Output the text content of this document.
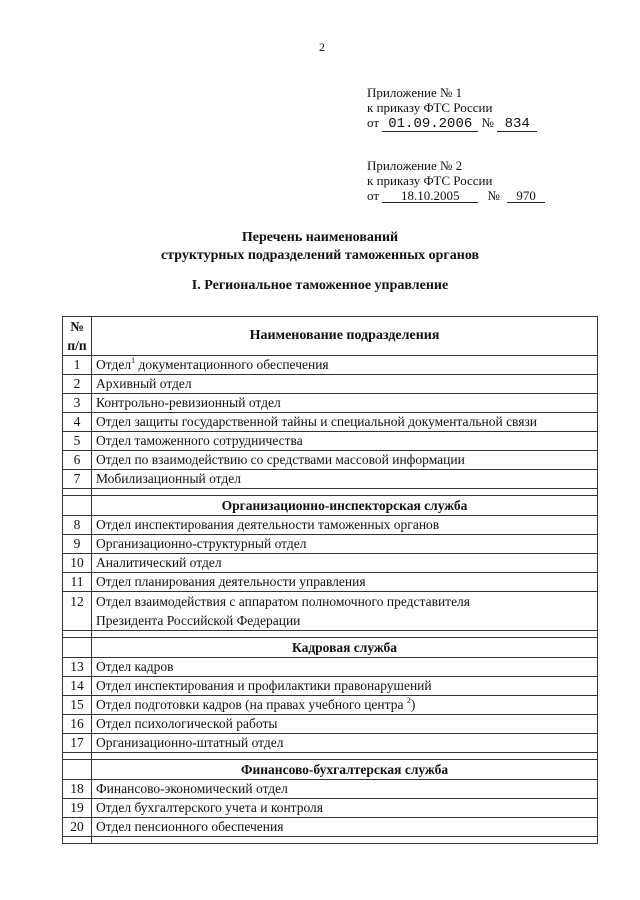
2
Приложение № 1
к приказу ФТС России
от 01.09.2006 № 834
Приложение № 2
к приказу ФТС России
от 18.10.2005 № 970
Перечень наименований
структурных подразделений таможенных органов
I. Региональное таможенное управление
№
п/п	Наименование подразделения
1	Отдел$^1$ документационного обеспечения
2	Архивный отдел
3	Контрольно-ревизионный отдел
4	Отдел защиты государственной тайны и специальной документальной связи
5	Отдел таможенного сотрудничества
6	Отдел по взаимодействию со средствами массовой информации
7	Мобилизационный отдел

	Организационно-инспекторская служба
8	Отдел инспектирования деятельности таможенных органов
9	Организационно-структурный отдел
10	Аналитический отдел
11	Отдел планирования деятельности управления
12	Отдел взаимодействия с аппаратом полномочного представителя
Президента Российской Федерации

	Кадровая служба
13	Отдел кадров
14	Отдел инспектирования и профилактики правонарушений
15	Отдел подготовки кадров (на правах учебного центра $^2$)
16	Отдел психологической работы
17	Организационно-штатный отдел

	Финансово-бухгалтерская служба
18	Финансово-экономический отдел
19	Отдел бухгалтерского учета и контроля
20	Отдел пенсионного обеспечения
